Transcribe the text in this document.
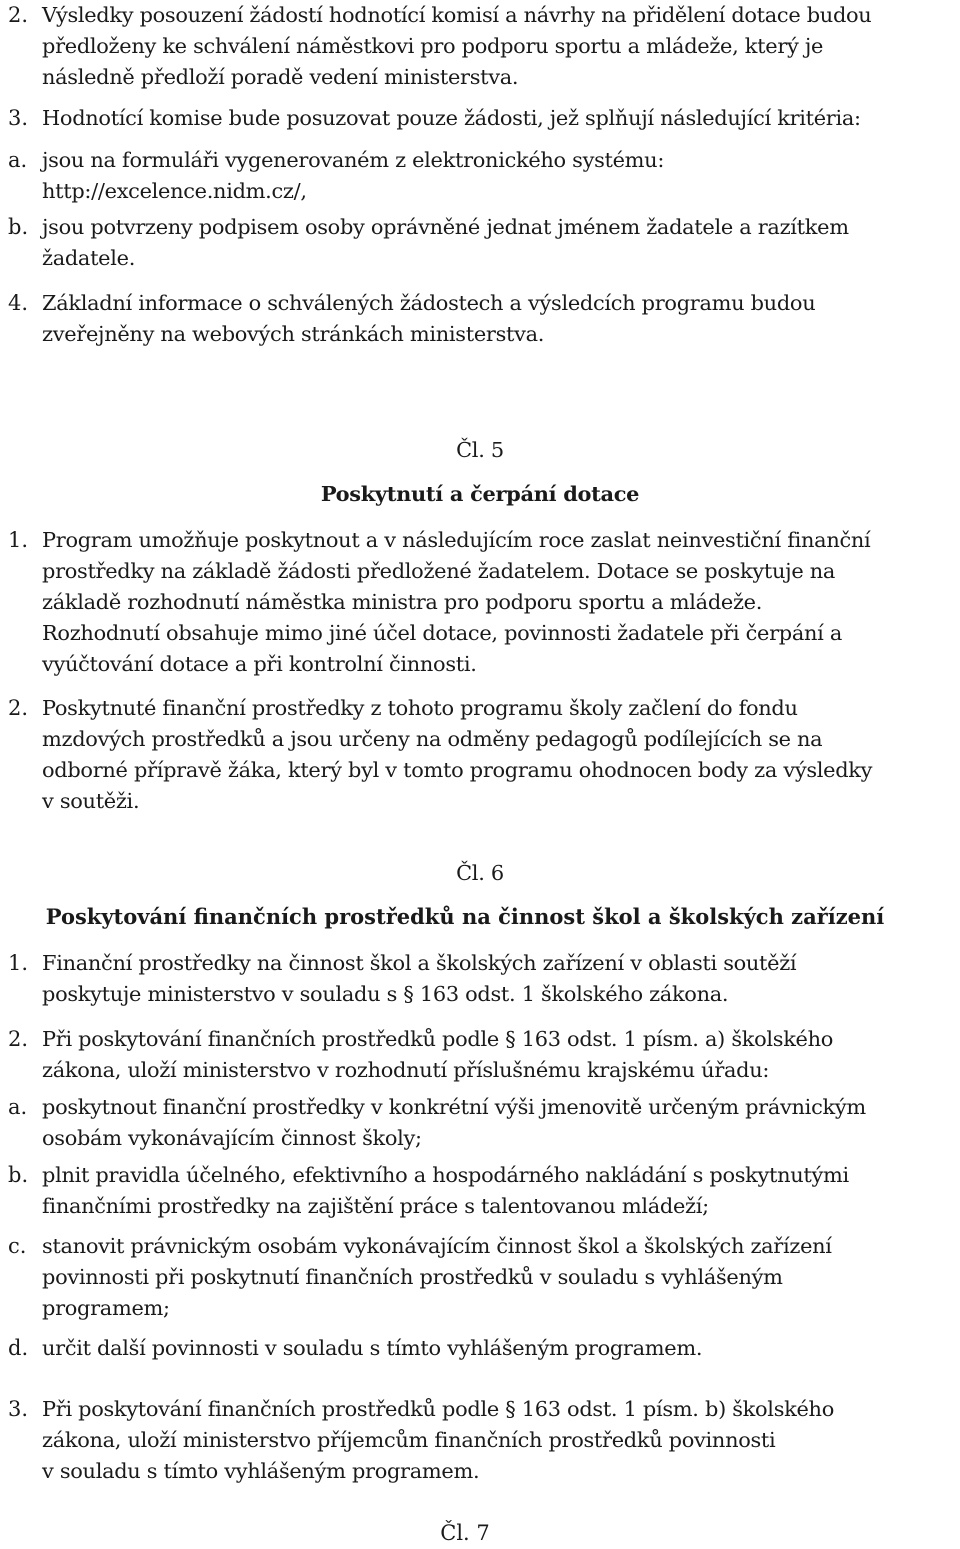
2. Výsledky posouzení žádostí hodnotící komisí a návrhy na přidělení dotace budou
předloženy ke schválení náměstkovi pro podporu sportu a mládeže, který je
následně předloží poradě vedení ministerstva.
3. Hodnotící komise bude posuzovat pouze žádosti, jež splňují následující kritéria:
a. jsou na formuláři vygenerovaném z elektronického systému:
http://excelence.nidm.cz/,
b. jsou potvrzeny podpisem osoby oprávněné jednat jménem žadatele a razítkem
žadatele.
4. Základní informace o schválených žádostech a výsledcích programu budou
zveřejněny na webových stránkách ministerstva.
Čl. 5
Poskytnutí a čerpání dotace
1. Program umožňuje poskytnout a v následujícím roce zaslat neinvestiční finanční
prostředky na základě žádosti předložené žadatelem. Dotace se poskytuje na
základě rozhodnutí náměstka ministra pro podporu sportu a mládeže.
Rozhodnutí obsahuje mimo jiné účel dotace, povinnosti žadatele při čerpání a
vyúčtování dotace a při kontrolní činnosti.
2. Poskytnuté finanční prostředky z tohoto programu školy začlení do fondu
mzdových prostředků a jsou určeny na odměny pedagogů podílejících se na
odborné přípravě žáka, který byl v tomto programu ohodnocen body za výsledky
v soutěži.
Čl. 6
Poskytování finančních prostředků na činnost škol a školských zařízení
1. Finanční prostředky na činnost škol a školských zařízení v oblasti soutěží
poskytuje ministerstvo v souladu s § 163 odst. 1 školského zákona.
2. Při poskytování finančních prostředků podle § 163 odst. 1 písm. a) školského
zákona, uloží ministerstvo v rozhodnutí příslušnému krajskému úřadu:
a. poskytnout finanční prostředky v konkrétní výši jmenovitě určeným právnickým
osobám vykonávajícím činnost školy;
b. plnit pravidla účelného, efektivního a hospodárného nakládání s poskytnutými
finančními prostředky na zajištění práce s talentovanou mládeží;
c. stanovit právnickým osobám vykonávajícím činnost škol a školských zařízení
povinnosti při poskytnutí finančních prostředků v souladu s vyhlášeným
programem;
d. určit další povinnosti v souladu s tímto vyhlášeným programem.
3. Při poskytování finančních prostředků podle § 163 odst. 1 písm. b) školského
zákona, uloží ministerstvo příjemcům finančních prostředků povinnosti
v souladu s tímto vyhlášeným programem.
Čl. 7
